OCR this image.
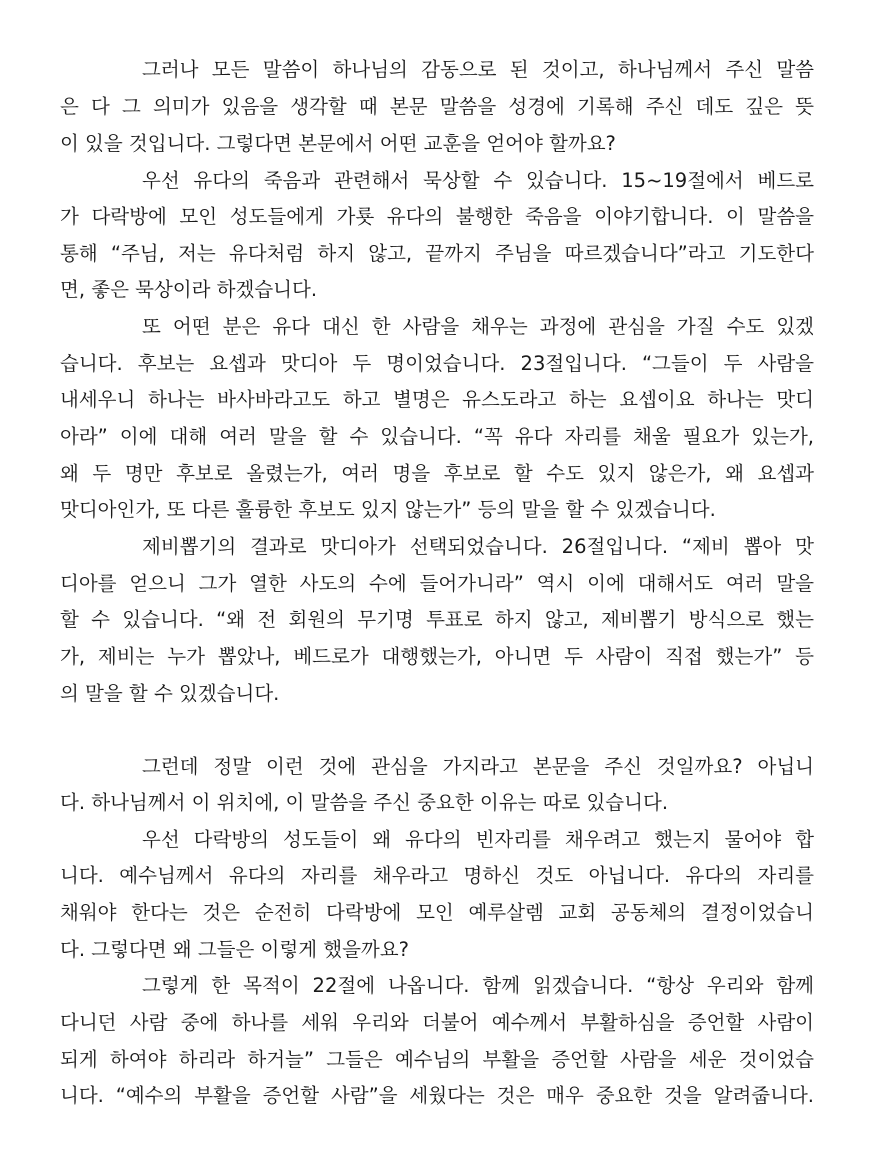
그러나 모든 말씀이 하나님의 감동으로 된 것이고, 하나님께서 주신 말씀
은 다 그 의미가 있음을 생각할 때 본문 말씀을 성경에 기록해 주신 데도 깊은 뜻
이 있을 것입니다. 그렇다면 본문에서 어떤 교훈을 얻어야 할까요?
우선 유다의 죽음과 관련해서 묵상할 수 있습니다. 15~19절에서 베드로
가 다락방에 모인 성도들에게 가룟 유다의 불행한 죽음을 이야기합니다. 이 말씀을
통해 “주님, 저는 유다처럼 하지 않고, 끝까지 주님을 따르겠습니다”라고 기도한다
면, 좋은 묵상이라 하겠습니다.
또 어떤 분은 유다 대신 한 사람을 채우는 과정에 관심을 가질 수도 있겠
습니다. 후보는 요셉과 맛디아 두 명이었습니다. 23절입니다. “그들이 두 사람을
내세우니 하나는 바사바라고도 하고 별명은 유스도라고 하는 요셉이요 하나는 맛디
아라” 이에 대해 여러 말을 할 수 있습니다. “꼭 유다 자리를 채울 필요가 있는가,
왜 두 명만 후보로 올렸는가, 여러 명을 후보로 할 수도 있지 않은가, 왜 요셉과
맛디아인가, 또 다른 훌륭한 후보도 있지 않는가” 등의 말을 할 수 있겠습니다.
제비뽑기의 결과로 맛디아가 선택되었습니다. 26절입니다. “제비 뽑아 맛
디아를 얻으니 그가 열한 사도의 수에 들어가니라” 역시 이에 대해서도 여러 말을
할 수 있습니다. “왜 전 회원의 무기명 투표로 하지 않고, 제비뽑기 방식으로 했는
가, 제비는 누가 뽑았나, 베드로가 대행했는가, 아니면 두 사람이 직접 했는가” 등
의 말을 할 수 있겠습니다.
그런데 정말 이런 것에 관심을 가지라고 본문을 주신 것일까요? 아닙니
다. 하나님께서 이 위치에, 이 말씀을 주신 중요한 이유는 따로 있습니다.
우선 다락방의 성도들이 왜 유다의 빈자리를 채우려고 했는지 물어야 합
니다. 예수님께서 유다의 자리를 채우라고 명하신 것도 아닙니다. 유다의 자리를
채워야 한다는 것은 순전히 다락방에 모인 예루살렘 교회 공동체의 결정이었습니
다. 그렇다면 왜 그들은 이렇게 했을까요?
그렇게 한 목적이 22절에 나옵니다. 함께 읽겠습니다. “항상 우리와 함께
다니던 사람 중에 하나를 세워 우리와 더불어 예수께서 부활하심을 증언할 사람이
되게 하여야 하리라 하거늘” 그들은 예수님의 부활을 증언할 사람을 세운 것이었습
니다. “예수의 부활을 증언할 사람”을 세웠다는 것은 매우 중요한 것을 알려줍니다.
